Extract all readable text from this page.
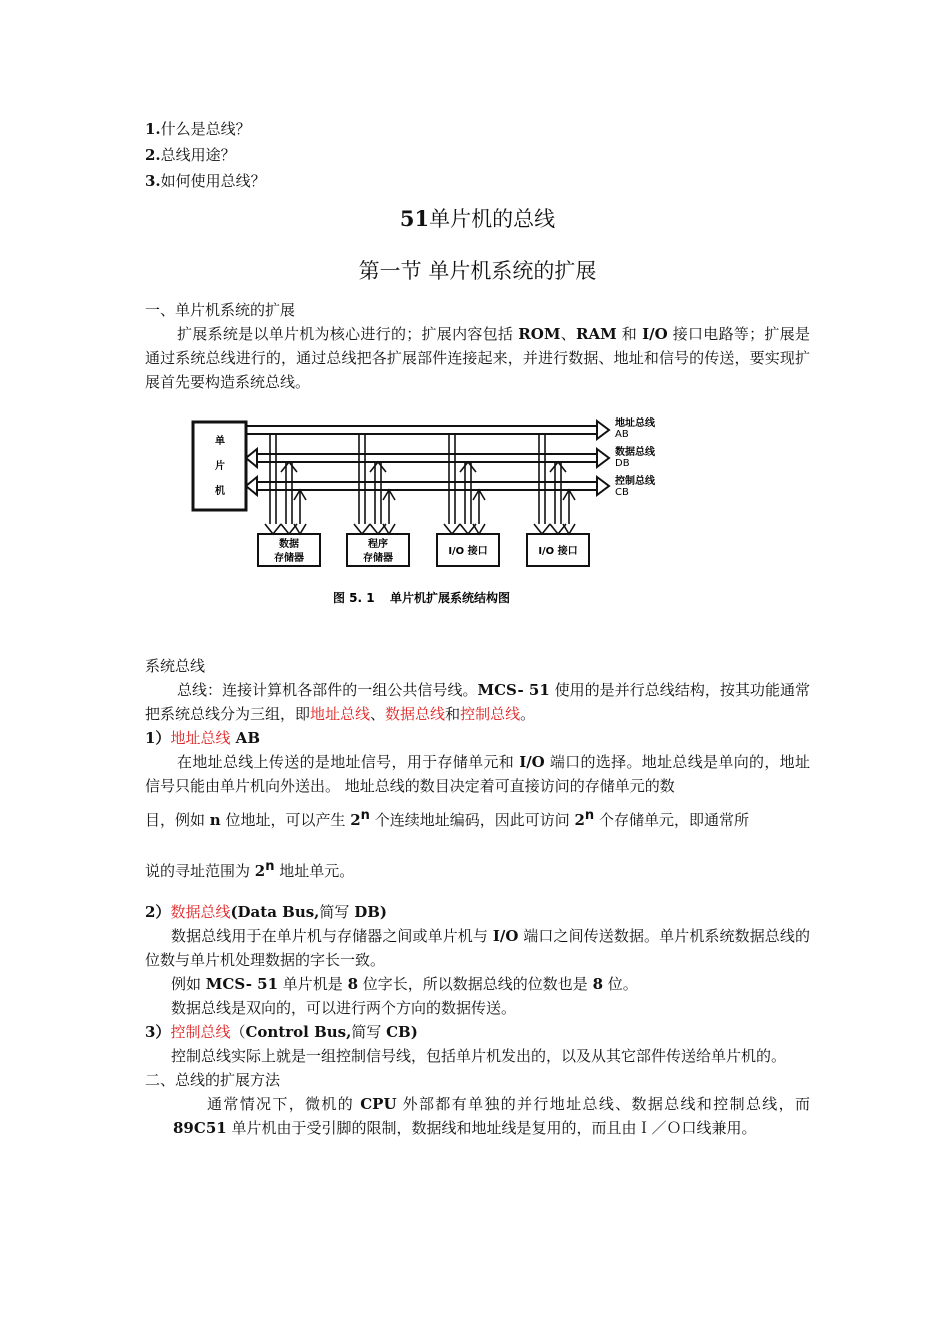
1.什么是总线？

2.总线用途？

3.如何使用总线？

51单片机的总线

第一节 单片机系统的扩展

一、单片机系统的扩展

扩展系统是以单片机为核心进行的；扩展内容包括 ROM、RAM 和 I/O 接口电路等；扩展是通过系统总线进行的，通过总线把各扩展部件连接起来，并进行数据、地址和信号的传送，要实现扩展首先要构造系统总线。

单
片
机
地址总线
AB
数据总线
DB
控制总线
CB
数据
存储器
程序
存储器
I/O 接口	I/O 接口
图 5. 1 单片机扩展系统结构图

系统总线

总线：连接计算机各部件的一组公共信号线。MCS- 51 使用的是并行总线结构，按其功能通常把系统总线分为三组，即地址总线、数据总线和控制总线。

1）地址总线 AB

在地址总线上传送的是地址信号，用于存储单元和 I/O 端口的选择。地址总线是单向的，地址信号只能由单片机向外送出。 地址总线的数目决定着可直接访问的存储单元的数

目，例如 n 位地址，可以产生 2$^n$ 个连续地址编码，因此可访问 2$^n$ 个存储单元，即通常所

说的寻址范围为 2$^n$ 地址单元。

2）数据总线(Data Bus,简写 DB)

数据总线用于在单片机与存储器之间或单片机与 I/O 端口之间传送数据。单片机系统数据总线的位数与单片机处理数据的字长一致。

例如 MCS- 51 单片机是 8 位字长，所以数据总线的位数也是 8 位。

数据总线是双向的，可以进行两个方向的数据传送。

3）控制总线（Control Bus,简写 CB)

控制总线实际上就是一组控制信号线，包括单片机发出的，以及从其它部件传送给单片机的。

二、总线的扩展方法

通常情况下，微机的 CPU 外部都有单独的并行地址总线、数据总线和控制总线，而 89C51 单片机由于受引脚的限制，数据线和地址线是复用的，而且由Ｉ／Ｏ口线兼用。
